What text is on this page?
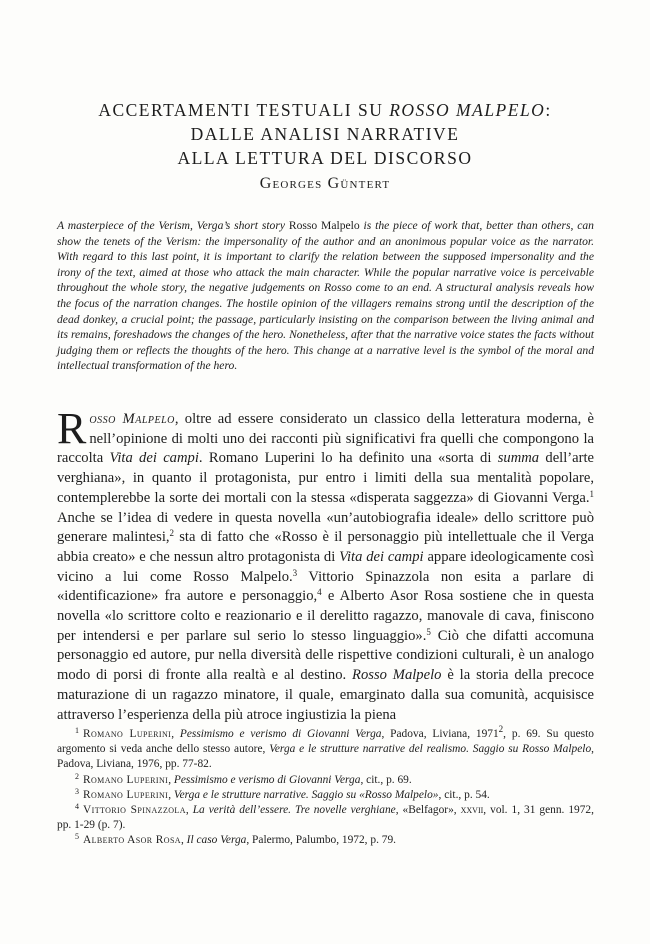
ACCERTAMENTI TESTUALI SU ROSSO MALPELO:
DALLE ANALISI NARRATIVE
ALLA LETTURA DEL DISCORSO
Georges Güntert
A masterpiece of the Verism, Verga’s short story Rosso Malpelo is the piece of work that, better than others, can show the tenets of the Verism: the impersonality of the author and an anonimous popular voice as the narrator. With regard to this last point, it is important to clarify the relation between the supposed impersonality and the irony of the text, aimed at those who attack the main character. While the popular narrative voice is perceivable throughout the whole story, the negative judgements on Rosso come to an end. A structural analysis reveals how the focus of the narration changes. The hostile opinion of the villagers remains strong until the description of the dead donkey, a crucial point; the passage, particularly insisting on the comparison between the living animal and its remains, foreshadows the changes of the hero. Nonetheless, after that the narrative voice states the facts without judging them or reflects the thoughts of the hero. This change at a narrative level is the symbol of the moral and intellectual transformation of the hero.
Rosso Malpelo, oltre ad essere considerato un classico della letteratura moderna, è nell’opinione di molti uno dei racconti più significativi fra quelli che compongono la raccolta Vita dei campi. Romano Luperini lo ha definito una «sorta di summa dell’arte verghiana», in quanto il protagonista, pur entro i limiti della sua mentalità popolare, contemplerebbe la sorte dei mortali con la stessa «disperata saggezza» di Giovanni Verga.$^1$ Anche se l’idea di vedere in questa novella «un’autobiografia ideale» dello scrittore può generare malintesi,$^2$ sta di fatto che «Rosso è il personaggio più intellettuale che il Verga abbia creato» e che nessun altro protagonista di Vita dei campi appare ideologicamente così vicino a lui come Rosso Malpelo.$^3$ Vittorio Spinazzola non esita a parlare di «identificazione» fra autore e personaggio,$^4$ e Alberto Asor Rosa sostiene che in questa novella «lo scrittore colto e reazionario e il derelitto ragazzo, manovale di cava, finiscono per intendersi e per parlare sul serio lo stesso linguaggio».$^5$ Ciò che difatti accomuna personaggio ed autore, pur nella diversità delle rispettive condizioni culturali, è un analogo modo di porsi di fronte alla realtà e al destino. Rosso Malpelo è la storia della precoce maturazione di un ragazzo minatore, il quale, emarginato dalla sua comunità, acquisisce attraverso l’esperienza della più atroce ingiustizia la piena

$^1$ Romano Luperini, Pessimismo e verismo di Giovanni Verga, Padova, Liviana, 1971$^2$, p. 69. Su questo argomento si veda anche dello stesso autore, Verga e le strutture narrative del realismo. Saggio su Rosso Malpelo, Padova, Liviana, 1976, pp. 77-82.

$^2$ Romano Luperini, Pessimismo e verismo di Giovanni Verga, cit., p. 69.

$^3$ Romano Luperini, Verga e le strutture narrative. Saggio su «Rosso Malpelo», cit., p. 54.

$^4$ Vittorio Spinazzola, La verità dell’essere. Tre novelle verghiane, «Belfagor», xxvii, vol. 1, 31 genn. 1972, pp. 1-29 (p. 7).

$^5$ Alberto Asor Rosa, Il caso Verga, Palermo, Palumbo, 1972, p. 79.
